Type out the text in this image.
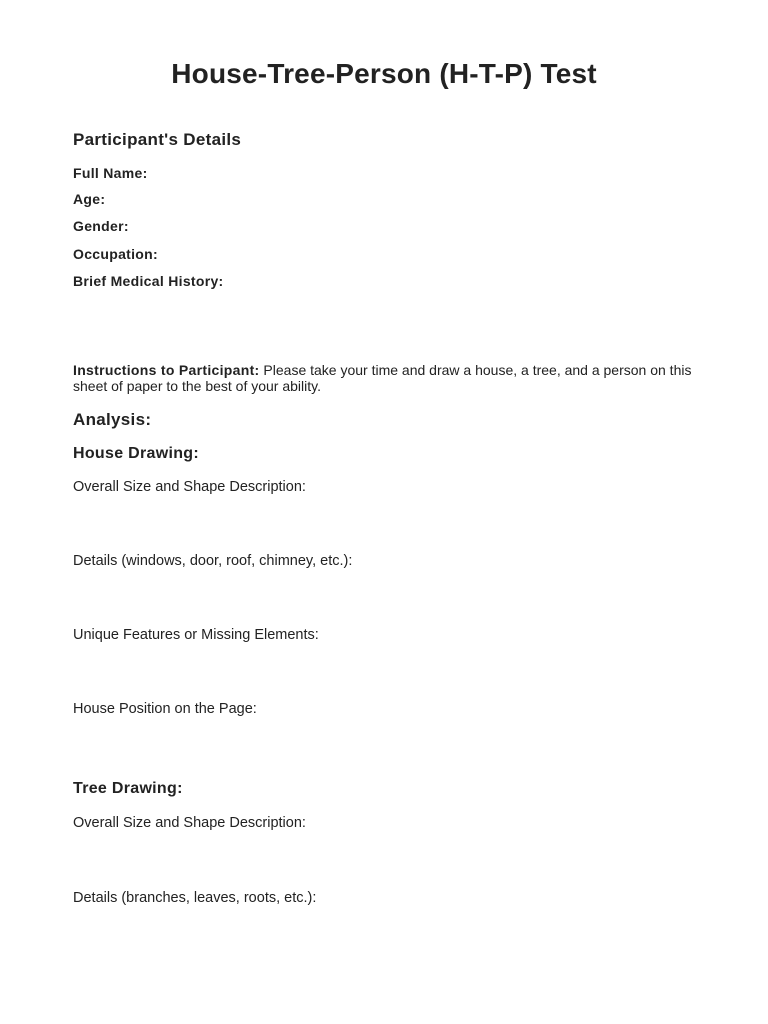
House-Tree-Person (H-T-P) Test
Participant's Details
Full Name:
Age:
Gender:
Occupation:
Brief Medical History:

Instructions to Participant: Please take your time and draw a house, a tree, and a person on this sheet of paper to the best of your ability.

Analysis:
House Drawing:

Overall Size and Shape Description:

Details (windows, door, roof, chimney, etc.):

Unique Features or Missing Elements:

House Position on the Page:

Tree Drawing:

Overall Size and Shape Description:

Details (branches, leaves, roots, etc.):
